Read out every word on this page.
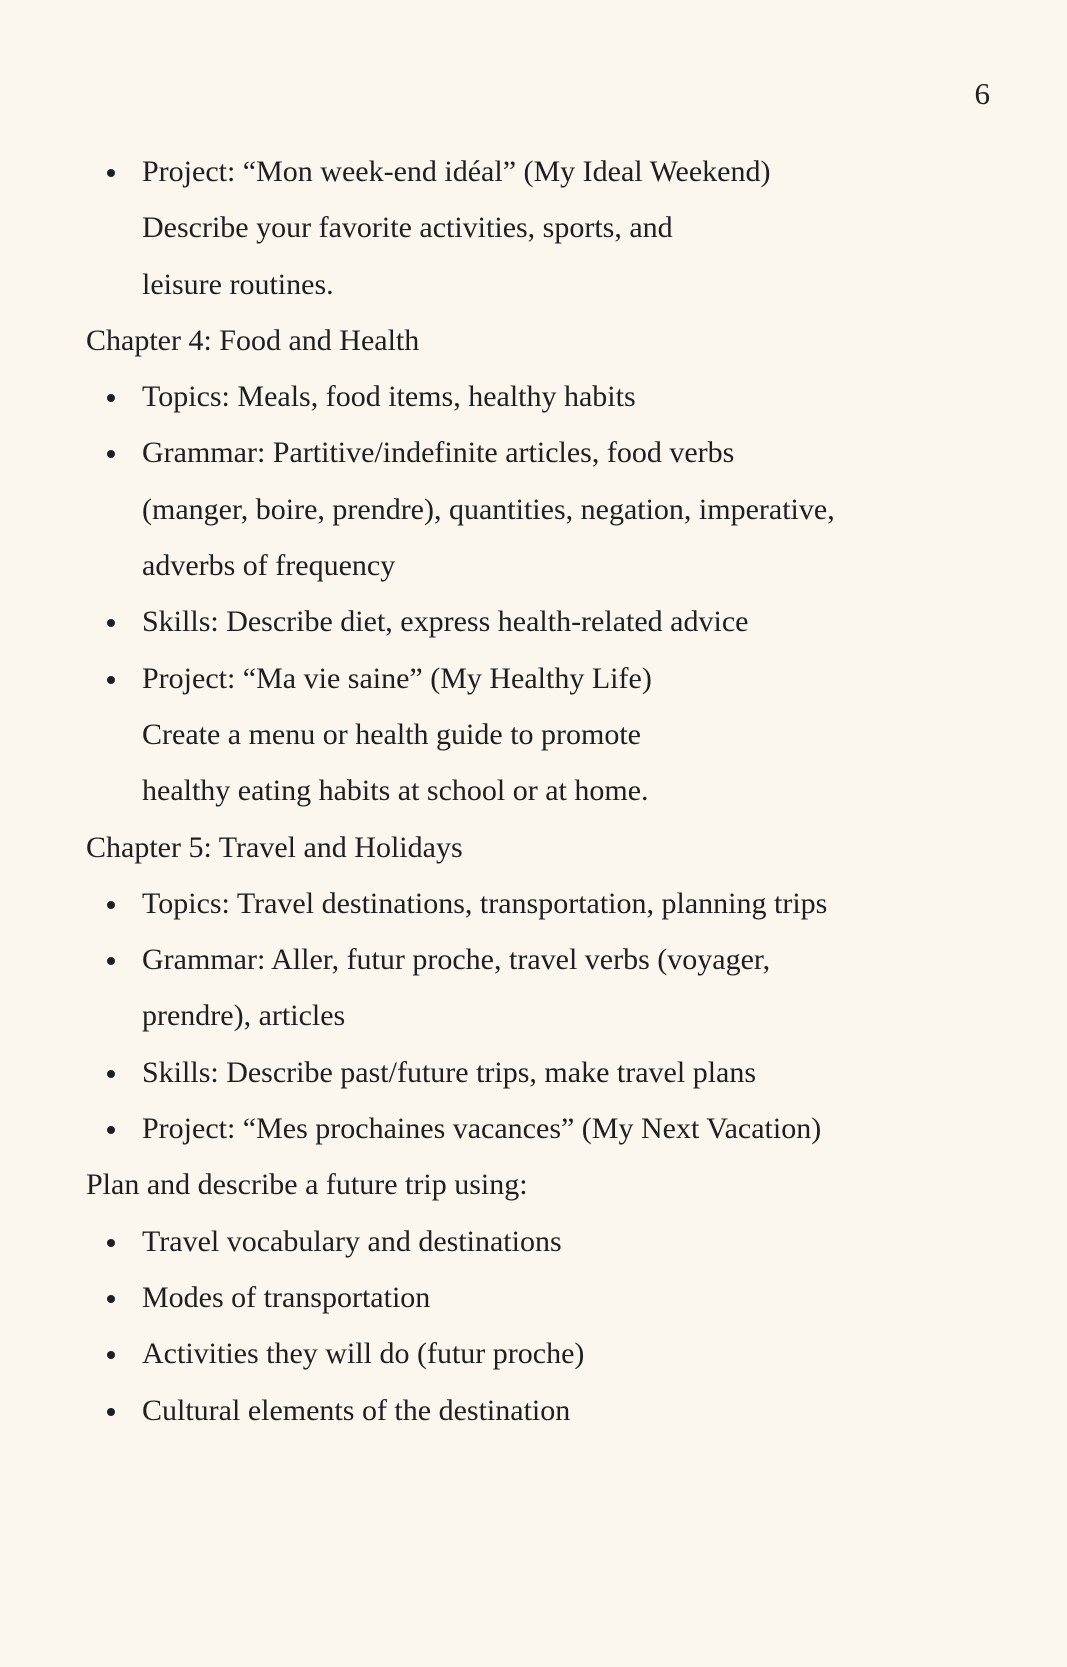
6
Project: “Mon week-end idéal” (My Ideal Weekend)
Describe your favorite activities, sports, and
leisure routines.
Chapter 4: Food and Health
Topics: Meals, food items, healthy habits
Grammar: Partitive/indefinite articles, food verbs
(manger, boire, prendre), quantities, negation, imperative,
adverbs of frequency
Skills: Describe diet, express health-related advice
Project: “Ma vie saine” (My Healthy Life)
Create a menu or health guide to promote
healthy eating habits at school or at home.
Chapter 5: Travel and Holidays
Topics: Travel destinations, transportation, planning trips
Grammar: Aller, futur proche, travel verbs (voyager,
prendre), articles
Skills: Describe past/future trips, make travel plans
Project: “Mes prochaines vacances” (My Next Vacation)
Plan and describe a future trip using:
Travel vocabulary and destinations
Modes of transportation
Activities they will do (futur proche)
Cultural elements of the destination
